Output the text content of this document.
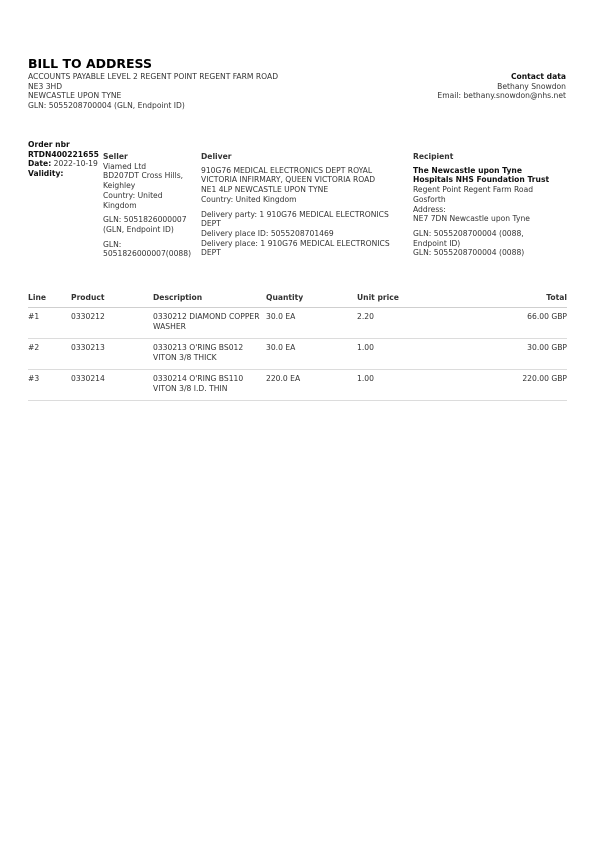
BILL TO ADDRESS
ACCOUNTS PAYABLE LEVEL 2 REGENT POINT REGENT FARM ROAD
NE3 3HD
NEWCASTLE UPON TYNE
GLN: 5055208700004 (GLN, Endpoint ID)
Contact data
Bethany Snowdon
Email: bethany.snowdon@nhs.net
Order nbr
RTDN400221655
Date: 2022-10-19
Validity:
Seller
Viamed Ltd
BD207DT Cross Hills,
Keighley
Country: United
Kingdom
GLN: 5051826000007
(GLN, Endpoint ID)
GLN:
5051826000007(0088)
Deliver
910G76 MEDICAL ELECTRONICS DEPT ROYAL
VICTORIA INFIRMARY, QUEEN VICTORIA ROAD
NE1 4LP NEWCASTLE UPON TYNE
Country: United Kingdom
Delivery party: 1 910G76 MEDICAL ELECTRONICS
DEPT
Delivery place ID: 5055208701469
Delivery place: 1 910G76 MEDICAL ELECTRONICS
DEPT
Recipient
The Newcastle upon Tyne
Hospitals NHS Foundation Trust
Regent Point Regent Farm Road
Gosforth
Address:
NE7 7DN Newcastle upon Tyne
GLN: 5055208700004 (0088,
Endpoint ID)
GLN: 5055208700004 (0088)
Line	Product	Description	Quantity	Unit price	Total
#1	0330212	0330212 DIAMOND COPPER
WASHER
30.0 EA	2.20	66.00 GBP
#2	0330213	0330213 O'RING BS012
VITON 3/8 THICK
30.0 EA	1.00	30.00 GBP
#3	0330214	0330214 O'RING BS110
VITON 3/8 I.D. THIN
220.0 EA	1.00	220.00 GBP
